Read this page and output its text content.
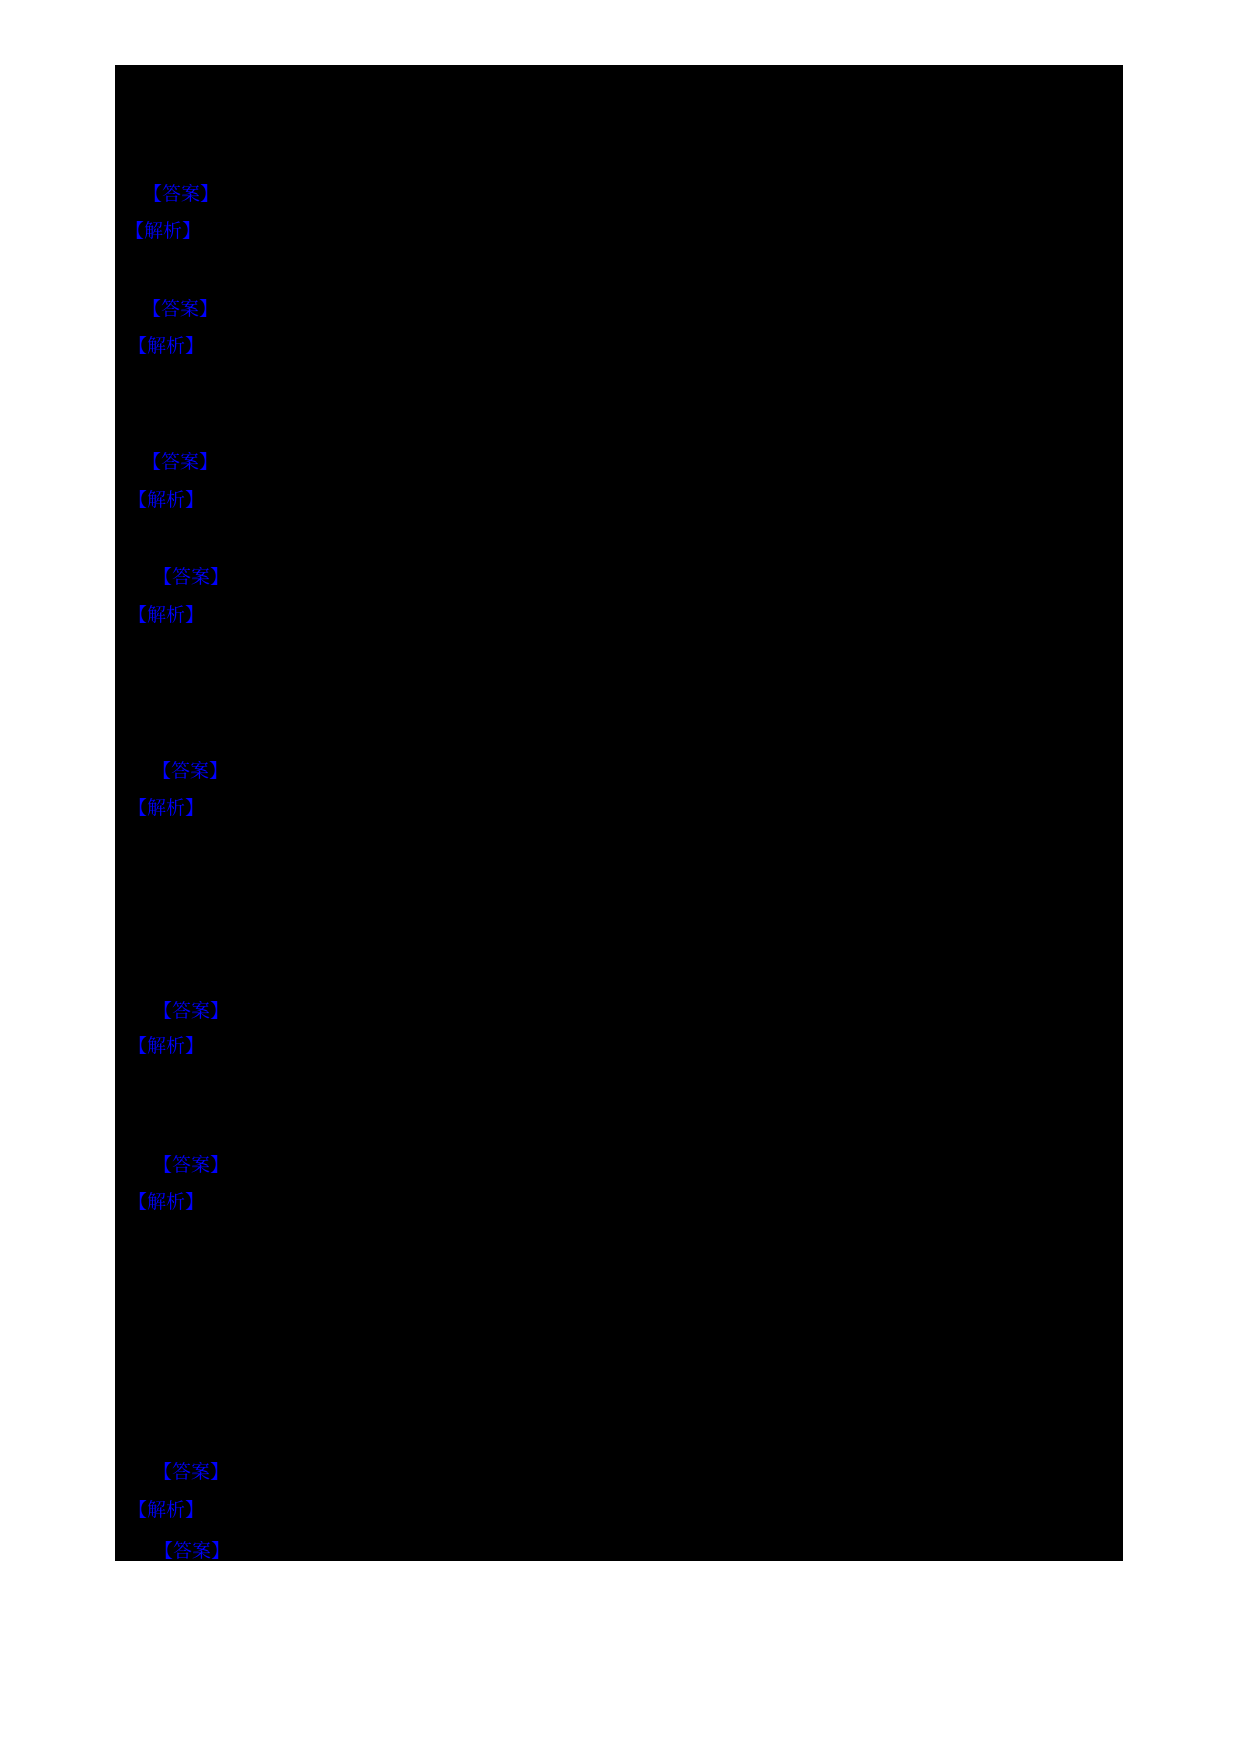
【答案】
【解析】
【答案】
【解析】
【答案】
【解析】
【答案】
【解析】
【答案】
【解析】
【答案】
【解析】
【答案】
【解析】
【答案】
【解析】
【答案】
